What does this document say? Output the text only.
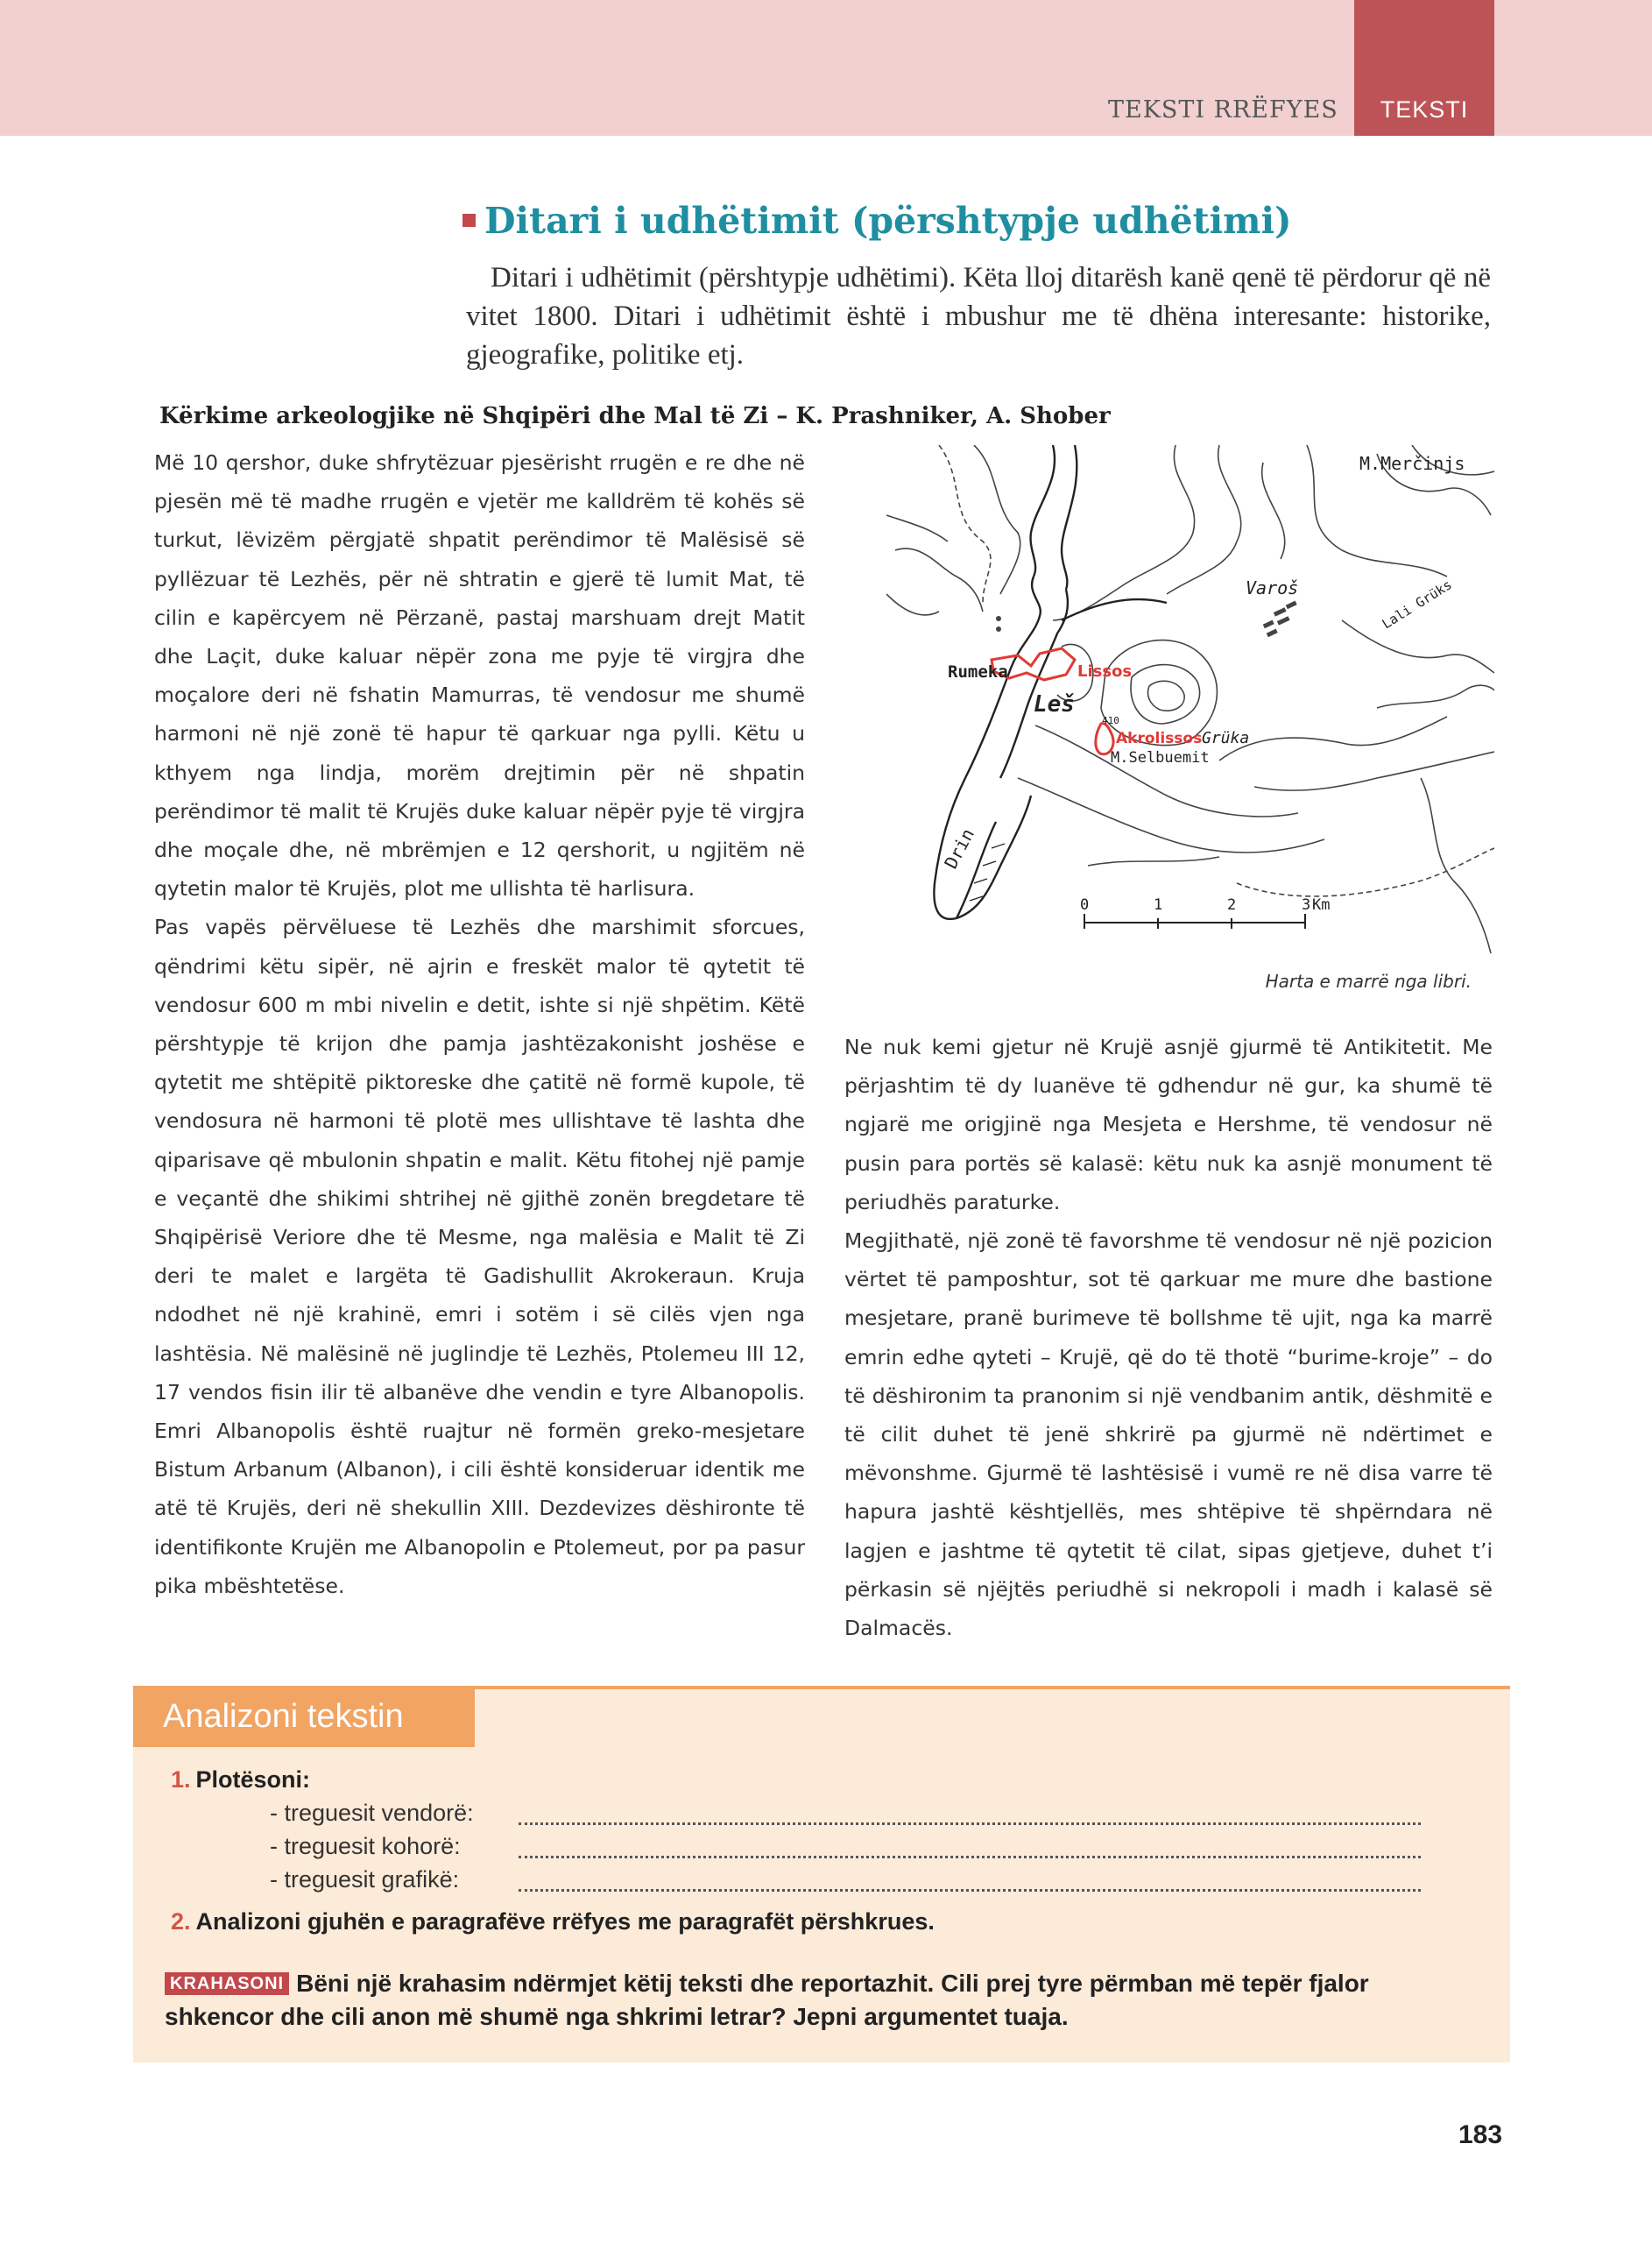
TEKSTI RRËFYES	TEKSTI
Ditari i udhëtimit (përshtypje udhëtimi)

Ditari i udhëtimit (përshtypje udhëtimi). Këta lloj ditarësh kanë qenë të përdorur që në vitet 1800. Ditari i udhëtimit është i mbushur me të dhëna interesante: historike, gjeografike, politike etj.

Kërkime arkeologjike në Shqipëri dhe Mal të Zi – K. Prashniker, A. Shober

Më 10 qershor, duke shfrytëzuar pjesërisht rrugën e re dhe në pjesën më të madhe rrugën e vjetër me kalldrëm të kohës së turkut, lëvizëm përgjatë shpatit perëndimor të Malësisë së pyllëzuar të Lezhës, për në shtratin e gjerë të lumit Mat, të cilin e kapërcyem në Përzanë, pastaj marshuam drejt Matit dhe Laçit, duke kaluar nëpër zona me pyje të virgjra dhe moçalore deri në fshatin Mamurras, të vendosur me shumë harmoni në një zonë të hapur të qarkuar nga pylli. Këtu u kthyem nga lindja, morëm drejtimin për në shpatin perëndimor të malit të Krujës duke kaluar nëpër pyje të virgjra dhe moçale dhe, në mbrëmjen e 12 qershorit, u ngjitëm në qytetin malor të Krujës, plot me ullishta të harlisura.

Pas vapës përvëluese të Lezhës dhe marshimit sforcues, qëndrimi këtu sipër, në ajrin e freskët malor të qytetit të vendosur 600 m mbi nivelin e detit, ishte si një shpëtim. Këtë përshtypje të krijon dhe pamja jashtëzakonisht joshëse e qytetit me shtëpitë piktoreske dhe çatitë në formë kupole, të vendosura në harmoni të plotë mes ullishtave të lashta dhe qiparisave që mbulonin shpatin e malit. Këtu fitohej një pamje e veçantë dhe shikimi shtrihej në gjithë zonën bregdetare të Shqipërisë Veriore dhe të Mesme, nga malësia e Malit të Zi deri te malet e largëta të Gadishullit Akrokeraun. Kruja ndodhet në një krahinë, emri i sotëm i së cilës vjen nga lashtësia. Në malësinë në juglindje të Lezhës, Ptolemeu III 12, 17 vendos fisin ilir të albanëve dhe vendin e tyre Albanopolis. Emri Albanopolis është ruajtur në formën greko-mesjetare Bistum Arbanum (Albanon), i cili është konsideruar identik me atë të Krujës, deri në shekullin XIII. Dezdevizes dëshironte të identifikonte Krujën me Albanopolin e Ptolemeut, por pa pasur pika mbështetëse.

M.Merčinjs
Varoš	Lali Grüks
Rumeka
Leš
Grüka
Drin
M.Selbuemit
410
Lissos
Akrolissos
0	1	2	3 Km
Harta e marrë nga libri.

Ne nuk kemi gjetur në Krujë asnjë gjurmë të Antikitetit. Me përjashtim të dy luanëve të gdhendur në gur, ka shumë të ngjarë me origjinë nga Mesjeta e Hershme, të vendosur në pusin para portës së kalasë: këtu nuk ka asnjë monument të periudhës paraturke.

Megjithatë, një zonë të favorshme të vendosur në një pozicion vërtet të pamposhtur, sot të qarkuar me mure dhe bastione mesjetare, pranë burimeve të bollshme të ujit, nga ka marrë emrin edhe qyteti – Krujë, që do të thotë “burime-kroje” – do të dëshironim ta pranonim si një vendbanim antik, dëshmitë e të cilit duhet të jenë shkrirë pa gjurmë në ndërtimet e mëvonshme. Gjurmë të lashtësisë i vumë re në disa varre të hapura jashtë kështjellës, mes shtëpive të shpërndara në lagjen e jashtme të qytetit të cilat, sipas gjetjeve, duhet t’i përkasin së njëjtës periudhë si nekropoli i madh i kalasë së Dalmacës.

Analizoni tekstin
1. Plotësoni:
- treguesit vendorë:
- treguesit kohorë:
- treguesit grafikë:
2. Analizoni gjuhën e paragrafëve rrëfyes me paragrafët përshkrues.

KRAHASONI Bëni një krahasim ndërmjet këtij teksti dhe reportazhit. Cili prej tyre përmban më tepër fjalor shkencor dhe cili anon më shumë nga shkrimi letrar? Jepni argumentet tuaja.

183
